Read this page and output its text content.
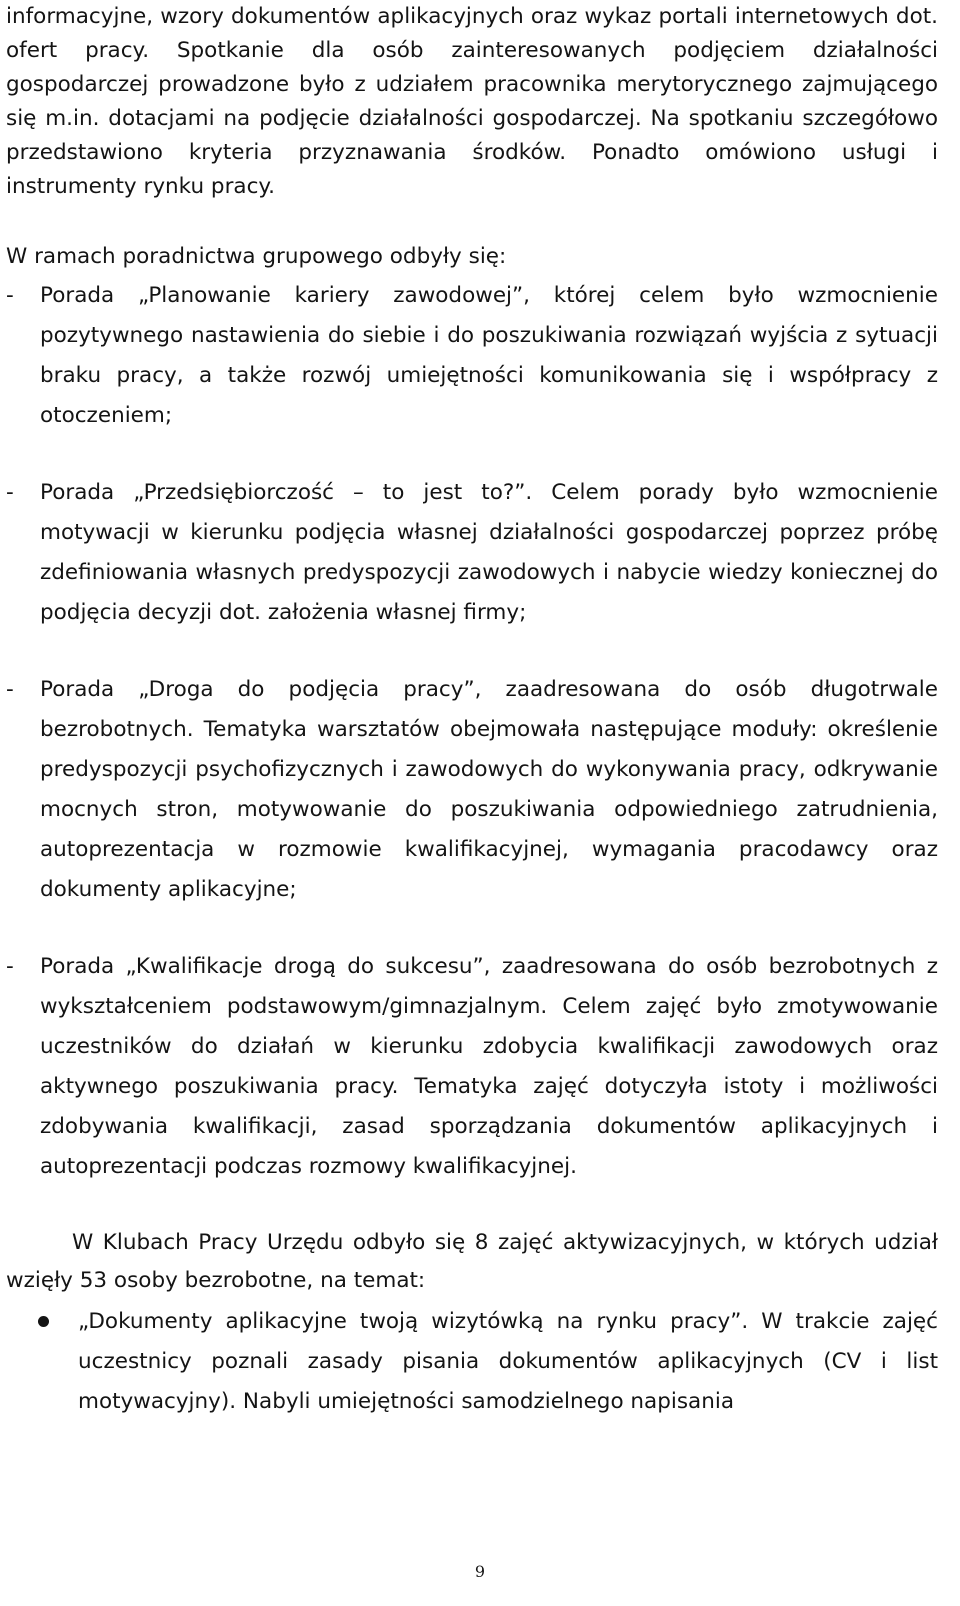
informacyjne, wzory dokumentów aplikacyjnych oraz wykaz portali internetowych dot. ofert pracy. Spotkanie dla osób zainteresowanych podjęciem działalności gospodarczej prowadzone było z udziałem pracownika merytorycznego zajmującego się m.in. dotacjami na podjęcie działalności gospodarczej. Na spotkaniu szczegółowo przedstawiono kryteria przyznawania środków. Ponadto omówiono usługi i instrumenty rynku pracy.

W ramach poradnictwa grupowego odbyły się:

- Porada „Planowanie kariery zawodowej”, której celem było wzmocnienie pozytywnego nastawienia do siebie i do poszukiwania rozwiązań wyjścia z sytuacji braku pracy, a także rozwój umiejętności komunikowania się i współpracy z otoczeniem;

- Porada „Przedsiębiorczość – to jest to?”. Celem porady było wzmocnienie motywacji w kierunku podjęcia własnej działalności gospodarczej poprzez próbę zdefiniowania własnych predyspozycji zawodowych i nabycie wiedzy koniecznej do podjęcia decyzji dot. założenia własnej firmy;

- Porada „Droga do podjęcia pracy”, zaadresowana do osób długotrwale bezrobotnych. Tematyka warsztatów obejmowała następujące moduły: określenie predyspozycji psychofizycznych i zawodowych do wykonywania pracy, odkrywanie mocnych stron, motywowanie do poszukiwania odpowiedniego zatrudnienia, autoprezentacja w rozmowie kwalifikacyjnej, wymagania pracodawcy oraz dokumenty aplikacyjne;

- Porada „Kwalifikacje drogą do sukcesu”, zaadresowana do osób bezrobotnych z wykształceniem podstawowym/gimnazjalnym. Celem zajęć było zmotywowanie uczestników do działań w kierunku zdobycia kwalifikacji zawodowych oraz aktywnego poszukiwania pracy. Tematyka zajęć dotyczyła istoty i możliwości zdobywania kwalifikacji, zasad sporządzania dokumentów aplikacyjnych i autoprezentacji podczas rozmowy kwalifikacyjnej.

W Klubach Pracy Urzędu odbyło się 8 zajęć aktywizacyjnych, w których udział wzięły 53 osoby bezrobotne, na temat:

„Dokumenty aplikacyjne twoją wizytówką na rynku pracy”. W trakcie zajęć uczestnicy poznali zasady pisania dokumentów aplikacyjnych (CV i list motywacyjny). Nabyli umiejętności samodzielnego napisania

9
